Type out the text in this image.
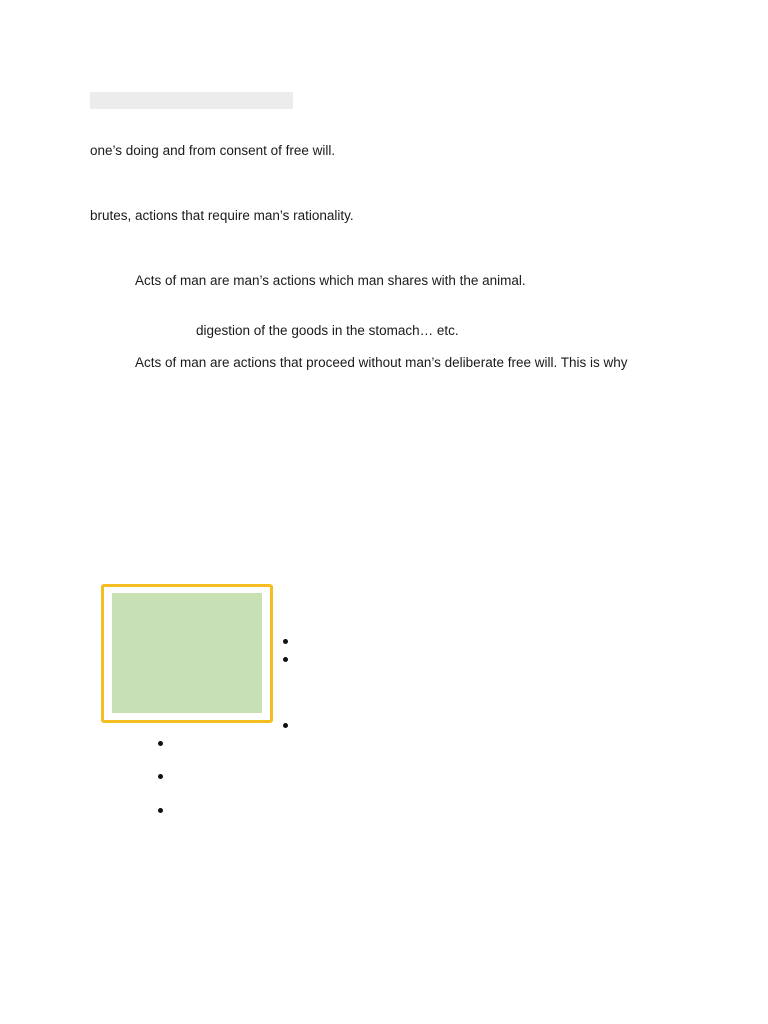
one’s doing and from consent of free will.
brutes, actions that require man’s rationality.
Acts of man are man’s actions which man shares with the animal.
digestion of the goods in the stomach… etc.
Acts of man are actions that proceed without man’s deliberate free will. This is why
